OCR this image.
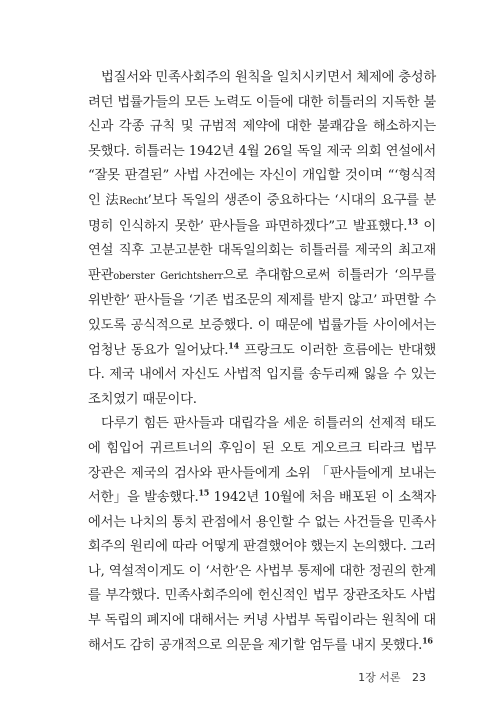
법질서와 민족사회주의 원칙을 일치시키면서 체제에 충성하려던 법률가들의 모든 노력도 이들에 대한 히틀러의 지독한 불신과 각종 규칙 및 규범적 제약에 대한 불쾌감을 해소하지는 못했다. 히틀러는 1942년 4월 26일 독일 제국 의회 연설에서 “잘못 판결된” 사법 사건에는 자신이 개입할 것이며 “‘형식적인 法Recht’보다 독일의 생존이 중요하다는 ‘시대의 요구를 분명히 인식하지 못한’ 판사들을 파면하겠다”고 발표했다.$^{13}$ 이 연설 직후 고분고분한 대독일의회는 히틀러를 제국의 최고재판관oberster Gerichtsherr으로 추대함으로써 히틀러가 ‘의무를 위반한’ 판사들을 ‘기존 법조문의 제제를 받지 않고’ 파면할 수 있도록 공식적으로 보증했다. 이 때문에 법률가들 사이에서는 엄청난 동요가 일어났다.$^{14}$ 프랑크도 이러한 흐름에는 반대했다. 제국 내에서 자신도 사법적 입지를 송두리째 잃을 수 있는 조치였기 때문이다.

다루기 힘든 판사들과 대립각을 세운 히틀러의 선제적 태도에 힘입어 귀르트너의 후임이 된 오토 게오르크 티라크 법무 장관은 제국의 검사와 판사들에게 소위 「판사들에게 보내는 서한」을 발송했다.$^{15}$ 1942년 10월에 처음 배포된 이 소책자에서는 나치의 통치 관점에서 용인할 수 없는 사건들을 민족사회주의 원리에 따라 어떻게 판결했어야 했는지 논의했다. 그러나, 역설적이게도 이 ‘서한’은 사법부 통제에 대한 정권의 한계를 부각했다. 민족사회주의에 헌신적인 법무 장관조차도 사법부 독립의 폐지에 대해서는 커녕 사법부 독립이라는 원칙에 대해서도 감히 공개적으로 의문을 제기할 엄두를 내지 못했다.$^{16}$

1장 서론 23
